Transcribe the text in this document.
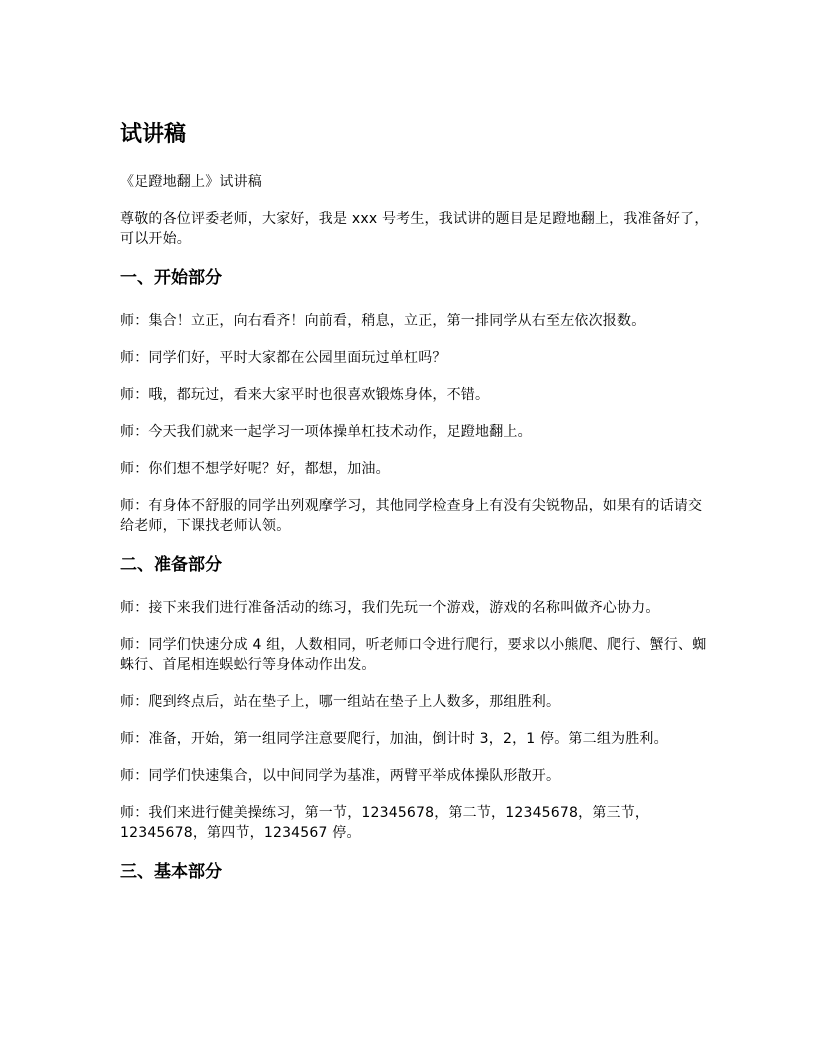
试讲稿

《足蹬地翻上》试讲稿

尊敬的各位评委老师，大家好，我是 xxx 号考生，我试讲的题目是足蹬地翻上，我准备好了，可以开始。

一、开始部分

师：集合！立正，向右看齐！向前看，稍息，立正，第一排同学从右至左依次报数。

师：同学们好，平时大家都在公园里面玩过单杠吗？

师：哦，都玩过，看来大家平时也很喜欢锻炼身体，不错。

师：今天我们就来一起学习一项体操单杠技术动作，足蹬地翻上。

师：你们想不想学好呢？好，都想，加油。

师：有身体不舒服的同学出列观摩学习，其他同学检查身上有没有尖锐物品，如果有的话请交给老师，下课找老师认领。

二、准备部分

师：接下来我们进行准备活动的练习，我们先玩一个游戏，游戏的名称叫做齐心协力。

师：同学们快速分成 4 组，人数相同，听老师口令进行爬行，要求以小熊爬、爬行、蟹行、蜘蛛行、首尾相连蜈蚣行等身体动作出发。

师：爬到终点后，站在垫子上，哪一组站在垫子上人数多，那组胜利。

师：准备，开始，第一组同学注意要爬行，加油，倒计时 3，2，1 停。第二组为胜利。

师：同学们快速集合，以中间同学为基准，两臂平举成体操队形散开。

师：我们来进行健美操练习，第一节，12345678，第二节，12345678，第三节，12345678，第四节，1234567 停。

三、基本部分
